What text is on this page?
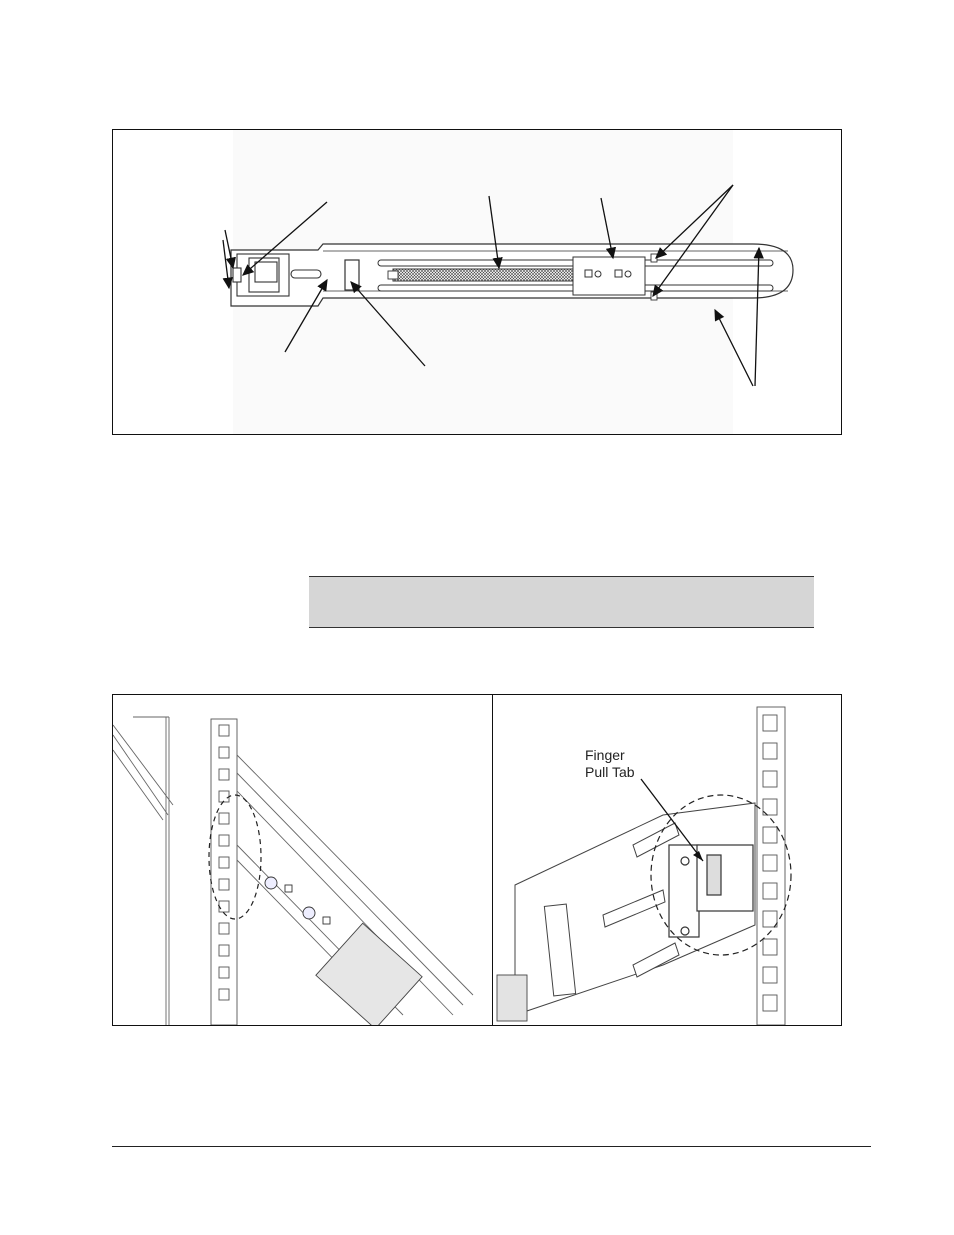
Finger
Pull Tab
